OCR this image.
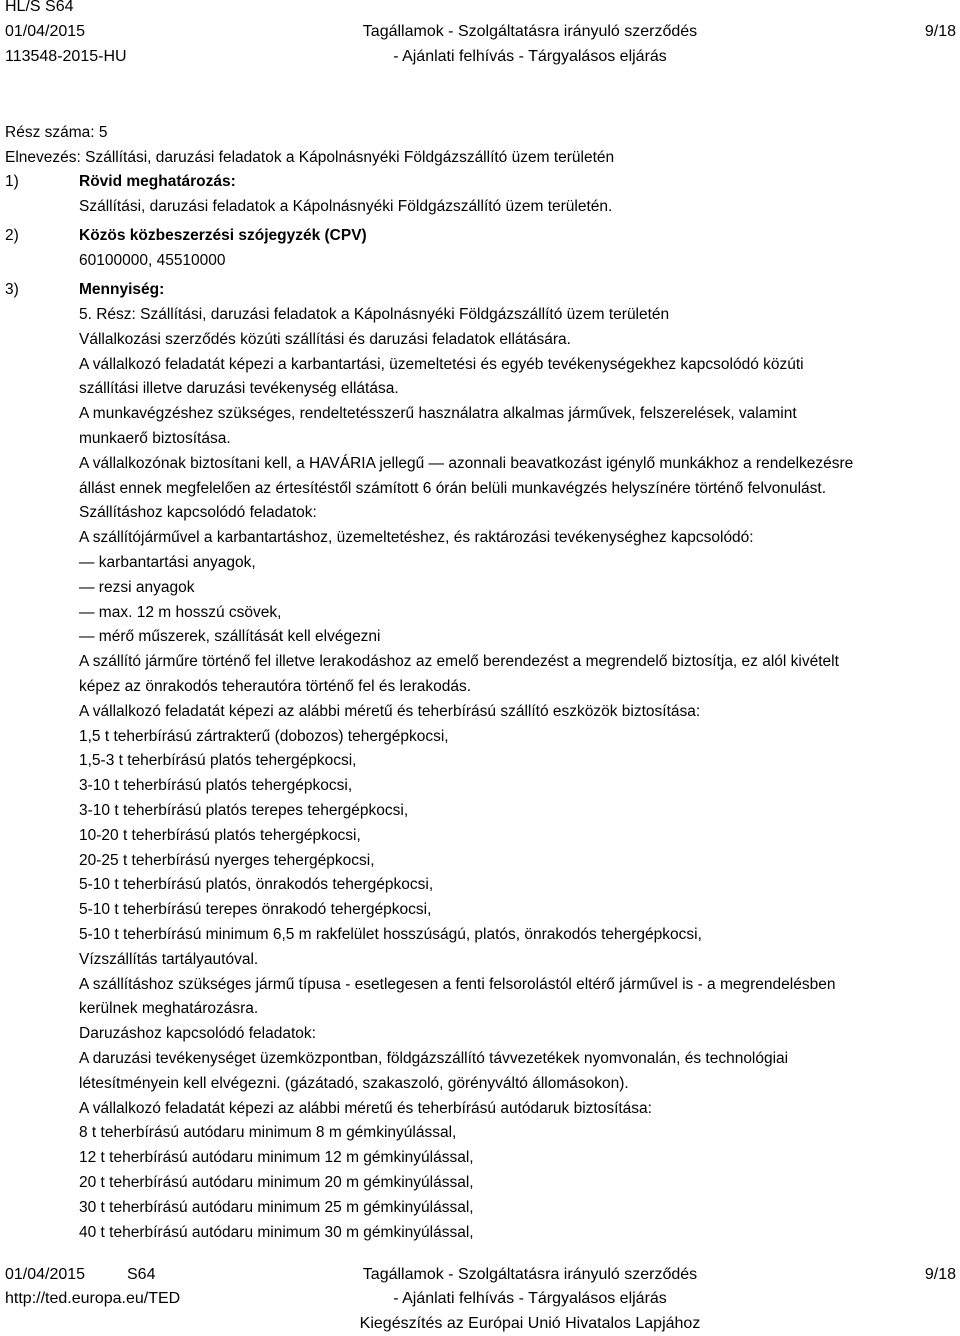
HL/S S64
01/04/2015
113548-2015-HU
Tagállamok - Szolgáltatásra irányuló szerződés
- Ajánlati felhívás - Tárgyalásos eljárás
9/18
Rész száma: 5
Elnevezés: Szállítási, daruzási feladatok a Kápolnásnyéki Földgázszállító üzem területén
1)	Rövid meghatározás:
Szállítási, daruzási feladatok a Kápolnásnyéki Földgázszállító üzem területén.
2)	Közös közbeszerzési szójegyzék (CPV)
60100000, 45510000
3)	Mennyiség:
5. Rész: Szállítási, daruzási feladatok a Kápolnásnyéki Földgázszállító üzem területén
Vállalkozási szerződés közúti szállítási és daruzási feladatok ellátására.
A vállalkozó feladatát képezi a karbantartási, üzemeltetési és egyéb tevékenységekhez kapcsolódó közúti
szállítási illetve daruzási tevékenység ellátása.
A munkavégzéshez szükséges, rendeltetésszerű használatra alkalmas járművek, felszerelések, valamint
munkaerő biztosítása.
A vállalkozónak biztosítani kell, a HAVÁRIA jellegű — azonnali beavatkozást igénylő munkákhoz a rendelkezésre
állást ennek megfelelően az értesítéstől számított 6 órán belüli munkavégzés helyszínére történő felvonulást.
Szállításhoz kapcsolódó feladatok:
A szállítójárművel a karbantartáshoz, üzemeltetéshez, és raktározási tevékenységhez kapcsolódó:
— karbantartási anyagok,
— rezsi anyagok
— max. 12 m hosszú csövek,
— mérő műszerek, szállítását kell elvégezni
A szállító járműre történő fel illetve lerakodáshoz az emelő berendezést a megrendelő biztosítja, ez alól kivételt
képez az önrakodós teherautóra történő fel és lerakodás.
A vállalkozó feladatát képezi az alábbi méretű és teherbírású szállító eszközök biztosítása:
1,5 t teherbírású zártrakterű (dobozos) tehergépkocsi,
1,5-3 t teherbírású platós tehergépkocsi,
3-10 t teherbírású platós tehergépkocsi,
3-10 t teherbírású platós terepes tehergépkocsi,
10-20 t teherbírású platós tehergépkocsi,
20-25 t teherbírású nyerges tehergépkocsi,
5-10 t teherbírású platós, önrakodós tehergépkocsi,
5-10 t teherbírású terepes önrakodó tehergépkocsi,
5-10 t teherbírású minimum 6,5 m rakfelület hosszúságú, platós, önrakodós tehergépkocsi,
Vízszállítás tartályautóval.
A szállításhoz szükséges jármű típusa - esetlegesen a fenti felsorolástól eltérő járművel is - a megrendelésben
kerülnek meghatározásra.
Daruzáshoz kapcsolódó feladatok:
A daruzási tevékenységet üzemközpontban, földgázszállító távvezetékek nyomvonalán, és technológiai
létesítményein kell elvégezni. (gázátadó, szakaszoló, görényváltó állomásokon).
A vállalkozó feladatát képezi az alábbi méretű és teherbírású autódaruk biztosítása:
8 t teherbírású autódaru minimum 8 m gémkinyúlással,
12 t teherbírású autódaru minimum 12 m gémkinyúlással,
20 t teherbírású autódaru minimum 20 m gémkinyúlással,
30 t teherbírású autódaru minimum 25 m gémkinyúlással,
40 t teherbírású autódaru minimum 30 m gémkinyúlással,
01/04/2015	S64
http://ted.europa.eu/TED
Tagállamok - Szolgáltatásra irányuló szerződés
- Ajánlati felhívás - Tárgyalásos eljárás
Kiegészítés az Európai Unió Hivatalos Lapjához
9/18
